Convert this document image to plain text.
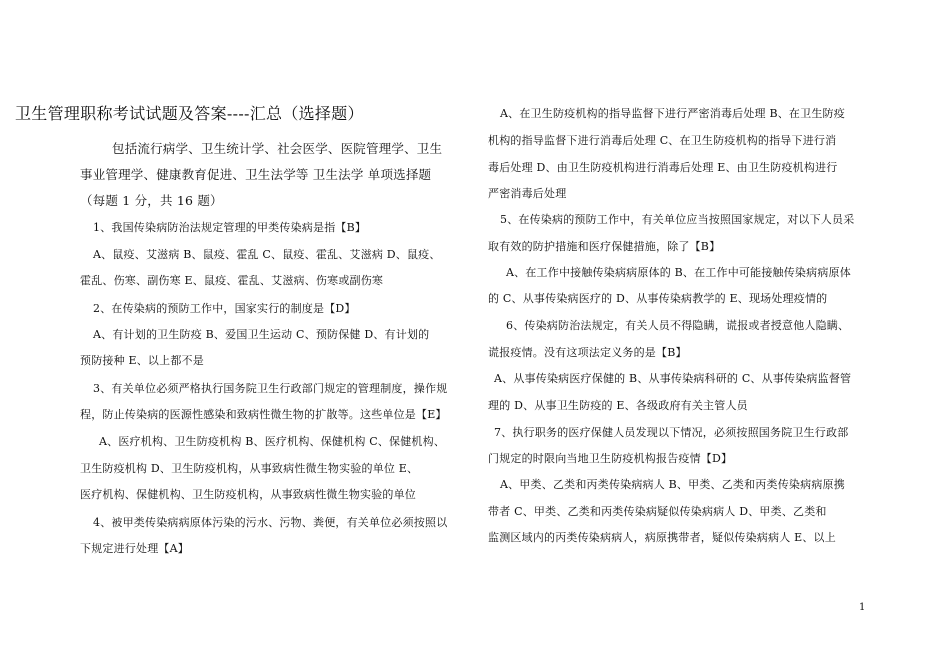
卫生管理职称考试试题及答案----汇总（选择题）
包括流行病学、卫生统计学、社会医学、医院管理学、卫生
事业管理学、健康教育促进、卫生法学等 卫生法学 单项选择题
（每题 1 分，共 16 题）
1、我国传染病防治法规定管理的甲类传染病是指【B】
A、鼠疫、艾滋病 B、鼠疫、霍乱 C、鼠疫、霍乱、艾滋病 D、鼠疫、
霍乱、伤寒、副伤寒 E、鼠疫、霍乱、艾滋病、伤寒或副伤寒
2、在传染病的预防工作中，国家实行的制度是【D】
A、有计划的卫生防疫 B、爱国卫生运动 C、预防保健 D、有计划的
预防接种 E、以上都不是
3、有关单位必须严格执行国务院卫生行政部门规定的管理制度，操作规
程，防止传染病的医源性感染和致病性微生物的扩散等。这些单位是【E】
A、医疗机构、卫生防疫机构 B、医疗机构、保健机构 C、保健机构、
卫生防疫机构 D、卫生防疫机构，从事致病性微生物实验的单位 E、
医疗机构、保健机构、卫生防疫机构，从事致病性微生物实验的单位
4、被甲类传染病病原体污染的污水、污物、粪便，有关单位必须按照以
下规定进行处理【A】
A、在卫生防疫机构的指导监督下进行严密消毒后处理 B、在卫生防疫
机构的指导监督下进行消毒后处理 C、在卫生防疫机构的指导下进行消
毒后处理 D、由卫生防疫机构进行消毒后处理 E、由卫生防疫机构进行
严密消毒后处理
5、在传染病的预防工作中，有关单位应当按照国家规定，对以下人员采
取有效的防护措施和医疗保健措施，除了【B】
A、在工作中接触传染病病原体的 B、在工作中可能接触传染病病原体
的 C、从事传染病医疗的 D、从事传染病教学的 E、现场处理疫情的
6、传染病防治法规定，有关人员不得隐瞒，谎报或者授意他人隐瞒、
谎报疫情。没有这项法定义务的是【B】
A、从事传染病医疗保健的 B、从事传染病科研的 C、从事传染病监督管
理的 D、从事卫生防疫的 E、各级政府有关主管人员
7、执行职务的医疗保健人员发现以下情况，必须按照国务院卫生行政部
门规定的时限向当地卫生防疫机构报告疫情【D】
A、甲类、乙类和丙类传染病病人 B、甲类、乙类和丙类传染病病原携
带者 C、甲类、乙类和丙类传染病疑似传染病病人 D、甲类、乙类和
监测区域内的丙类传染病病人，病原携带者，疑似传染病病人 E、以上
1
